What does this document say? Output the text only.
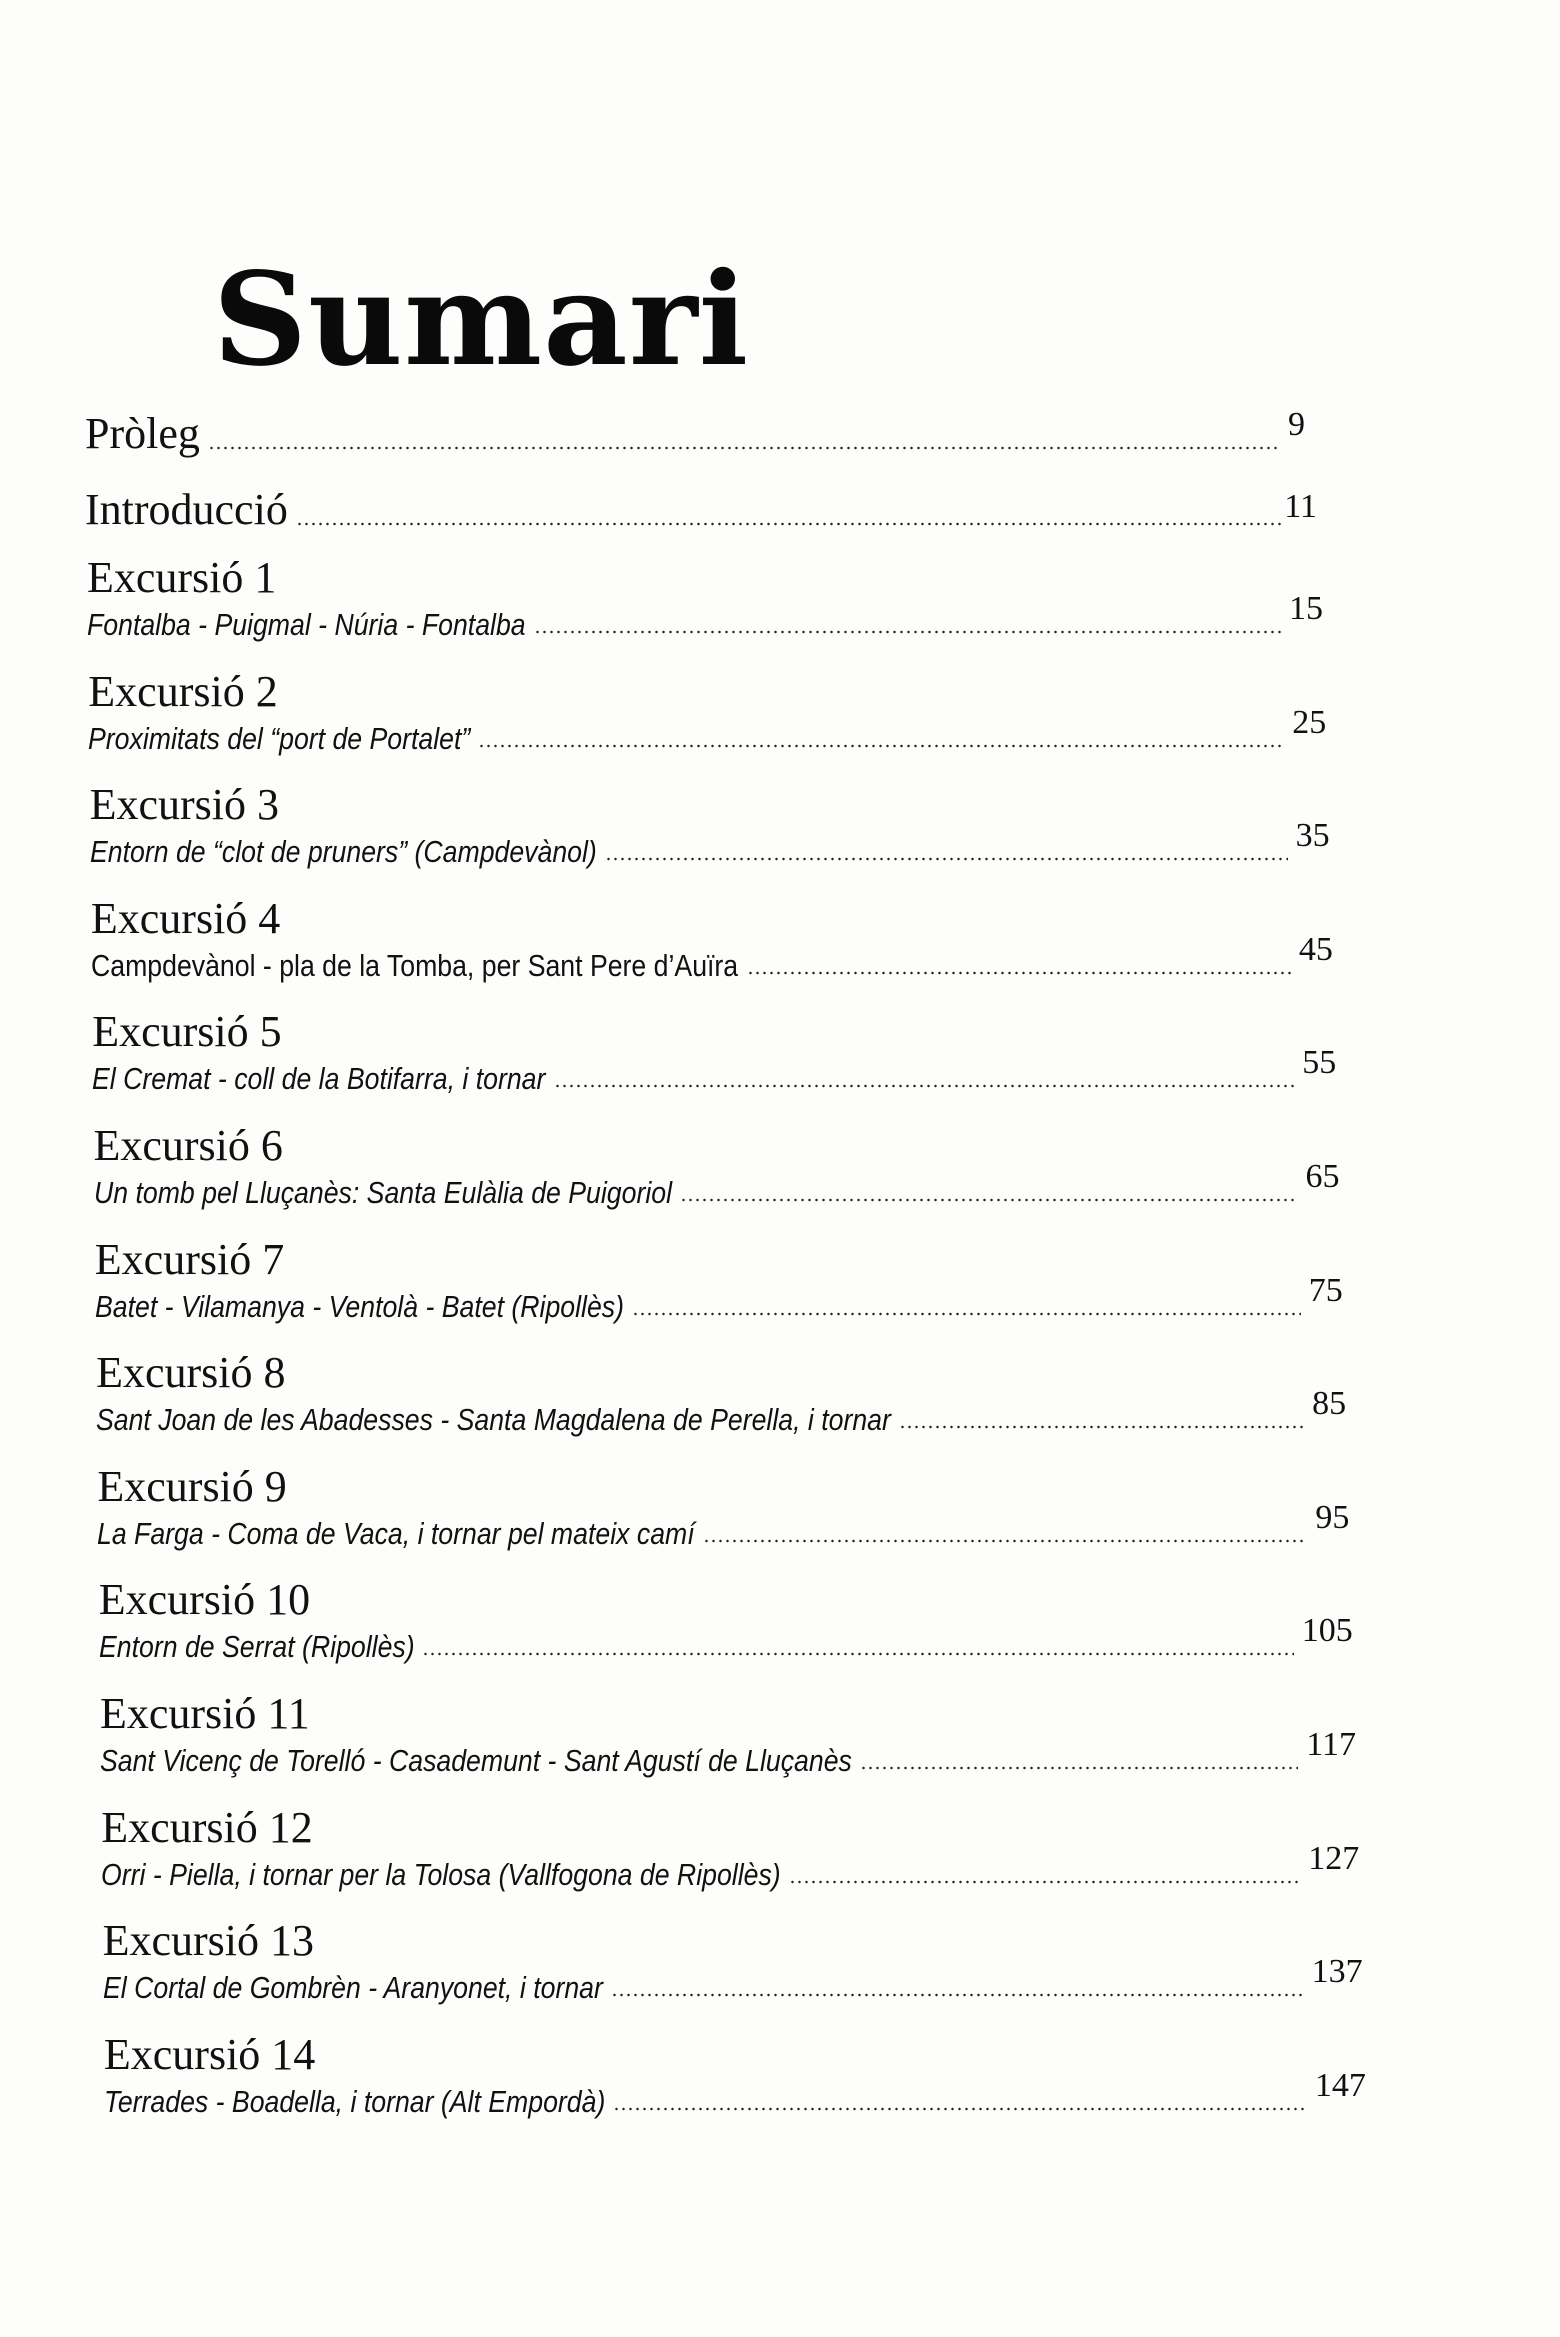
Sumari
Pròleg	9
Introducció	11
Excursió 1
Fontalba - Puigmal - Núria - Fontalba	15
Excursió 2
Proximitats del “port de Portalet”	25
Excursió 3
Entorn de “clot de pruners” (Campdevànol)	35
Excursió 4
Campdevànol - pla de la Tomba, per Sant Pere d’Auïra	45
Excursió 5
El Cremat - coll de la Botifarra, i tornar	55
Excursió 6
Un tomb pel Lluçanès: Santa Eulàlia de Puigoriol	65
Excursió 7
Batet - Vilamanya - Ventolà - Batet (Ripollès)	75
Excursió 8
Sant Joan de les Abadesses - Santa Magdalena de Perella, i tornar	85
Excursió 9
La Farga - Coma de Vaca, i tornar pel mateix camí	95
Excursió 10
Entorn de Serrat (Ripollès)	105
Excursió 11
Sant Vicenç de Torelló - Casademunt - Sant Agustí de Lluçanès	117
Excursió 12
Orri - Piella, i tornar per la Tolosa (Vallfogona de Ripollès)	127
Excursió 13
El Cortal de Gombrèn - Aranyonet, i tornar	137
Excursió 14
Terrades - Boadella, i tornar (Alt Empordà)	147
